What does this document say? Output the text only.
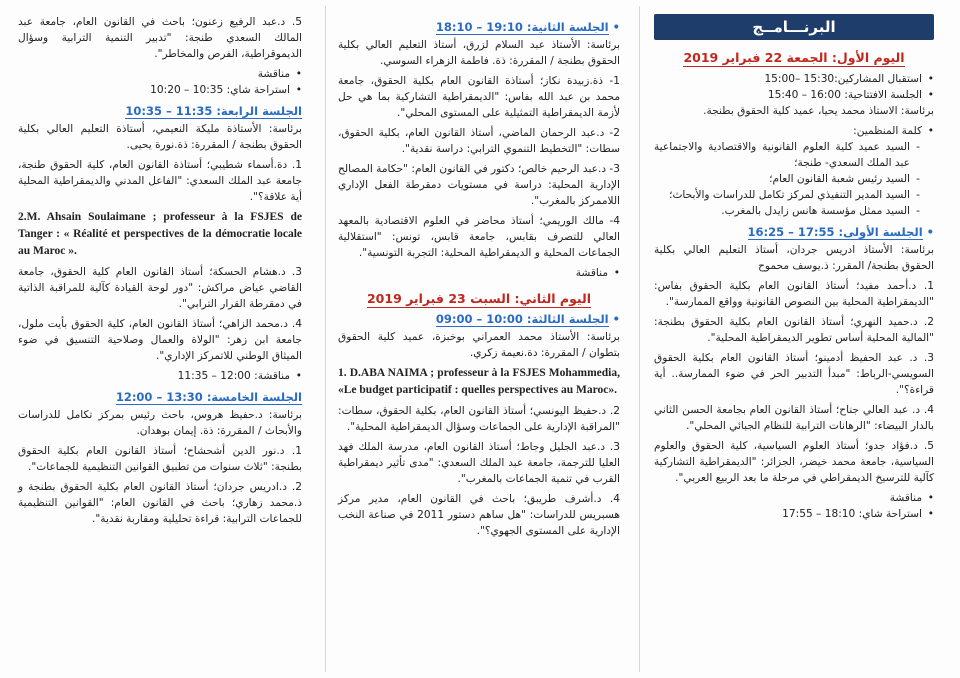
البرنـــامــج
اليوم الأول: الجمعة 22 فبراير 2019
• استقبال المشاركين:15:30 –15:00
• الجلسة الافتتاحية: 16:00 – 15:40

برئاسة: الاستاذ محمد يحيا، عميد كلية الحقوق بطنجة.

• كلمة المنظمين:
- السيد عميد كلية العلوم القانونية والاقتصادية والاجتماعية عبد الملك السعدي- طنجة؛
- السيد رئيس شعبة القانون العام؛
- السيد المدير التنفيذي لمركز تكامل للدراسات والأبحاث؛
- السيد ممثل مؤسسة هانس زايدل بالمغرب.
• الجلسة الأولى: 17:55 – 16:25

برئاسة: الأستاذ ادريس جردان، أستاذ التعليم العالي بكلية الحقوق بطنجة/ المقرر: ذ.يوسف محموح

1. د.أحمد مفيد؛ أستاذ القانون العام بكلية الحقوق بفاس: "الديمقراطية المحلية بين النصوص القانونية وواقع الممارسة".

2. د.حميد النهري؛ أستاذ القانون العام بكلية الحقوق بطنجة: "المالية المحلية أساس تطوير الديمقراطية المحلية".

3. د. عبد الحفيظ أدمينو؛ أستاذ القانون العام بكلية الحقوق السويسي-الرباط: "مبدأ التدبير الحر في ضوء الممارسة.. أية قراءة؟".

4. د. عبد العالي جناح؛ أستاذ القانون العام بجامعة الحسن الثاني بالدار البيضاء: "الرهانات الترابية للنظام الجبائي المحلي".

5. د.فؤاد جدو؛ أستاذ العلوم السياسية، كلية الحقوق والعلوم السياسية، جامعة محمد خيضر، الجزائر: "الديمقراطية التشاركية كآلية للترسيخ الديمقراطي في مرحلة ما بعد الربيع العربي".

• مناقشة
• استراحة شاي: 18:10 – 17:55
• الجلسة الثانية: 19:10 – 18:10

برئاسة: الأستاذ عبد السلام لزرق، أستاذ التعليم العالي بكلية الحقوق بطنجة / المقررة: ذة. فاطمة الزهراء السوسي.

1- ذة.زبيدة نكاز؛ أستاذة القانون العام بكلية الحقوق، جامعة محمد بن عبد الله بفاس: "الديمقراطية التشاركية بما هي حل لأزمة الديمقراطية التمثيلية على المستوى المحلي".

2- د.عبد الرحمان الماضي، أستاذ القانون العام، بكلية الحقوق، سطات: "التخطيط التنموي الترابي: دراسة نقدية".

3- د.عبد الرحيم خالص؛ دكتور في القانون العام: "حكامة المصالح الإدارية المحلية: دراسة في مستويات دمقرطة الفعل الإداري اللاممركز بالمغرب".

4- مالك الوريمي؛ أستاذ محاضر في العلوم الاقتصادية بالمعهد العالي للتصرف بقابس، جامعة قابس، تونس: "استقلالية الجماعات المحلية و الديمقراطية المحلية: التجربة التونسية".

• مناقشة
اليوم الثاني: السبت 23 فبراير 2019
• الجلسة الثالثة: 10:00 – 09:00

برئاسة: الأستاذ محمد العمراني بوخبزة، عميد كلية الحقوق بتطوان / المقررة: دة.نعيمة زكري.

1. D.ABA NAIMA ; professeur à la FSJES Mohammedia, «Le budget participatif : quelles perspectives au Maroc».

2. د.حفيظ اليونسي؛ أستاذ القانون العام، بكلية الحقوق، سطات: "المراقبة الإدارية على الجماعات وسؤال الديمقراطية المحلية".

3. د.عبد الجليل وجاط؛ أستاذ القانون العام، مدرسة الملك فهد العليا للترجمة، جامعة عبد الملك السعدي: "مدى تأثير ديمقراطية القرب في تنمية الجماعات بالمغرب".

4. د.أشرف طريبق؛ باحث في القانون العام، مدير مركز هسبريس للدراسات: "هل ساهم دستور 2011 في صناعة النخب الإدارية على المستوى الجهوي؟".

5. د.عبد الرفيع زعنون؛ باحث في القانون العام، جامعة عبد المالك السعدي طنجة: "تدبير التنمية الترابية وسؤال الديموقراطية، الفرص والمخاطر".

• مناقشة
• استراحة شاي: 10:35 – 10:20
الجلسة الرابعة: 11:35 – 10:35

برئاسة: الأستاذة مليكة النعيمي، أستاذة التعليم العالي بكلية الحقوق بطنجة / المقررة: ذة.نورة يحيى.

1. دة.أسماء شطيبي؛ أستاذة القانون العام، كلية الحقوق طنجة، جامعة عبد الملك السعدي: "الفاعل المدني والديمقراطية المحلية أية علاقة؟".

2.M. Ahsain Soulaimane ; professeur à la FSJES de Tanger : « Réalité et perspectives de la démocratie locale au Maroc ».

3. د.هشام الحسكة؛ أستاذ القانون العام كلية الحقوق، جامعة القاضي عياض مراكش: "دور لوحة القيادة كآلية للمراقبة الذاتية في دمقرطة القرار الترابي".

4. د.محمد الزاهي؛ أستاذ القانون العام، كلية الحقوق بأيت ملول، جامعة ابن زهر: "الولاة والعمال وصلاحية التنسيق في ضوء الميثاق الوطني للاتمركز الإداري".

• مناقشة: 12:00 – 11:35
الجلسة الخامسة: 13:30 – 12:00

برئاسة: د.حفيظ هروس، باحث رئيس بمركز تكامل للدراسات والأبحاث / المقررة: ذة. إيمان بوهدان.

1. د.نور الدين أشحشاح؛ أستاذ القانون العام بكلية الحقوق بطنجة: "ثلاث سنوات من تطبيق القوانين التنظيمية للجماعات".

2. د.ادريس جردان؛ أستاذ القانون العام بكلية الحقوق بطنجة و ذ.محمد زهاري؛ باحث في القانون العام: "القوانين التنظيمية للجماعات الترابية: قراءة تحليلية ومقاربة نقدية".
